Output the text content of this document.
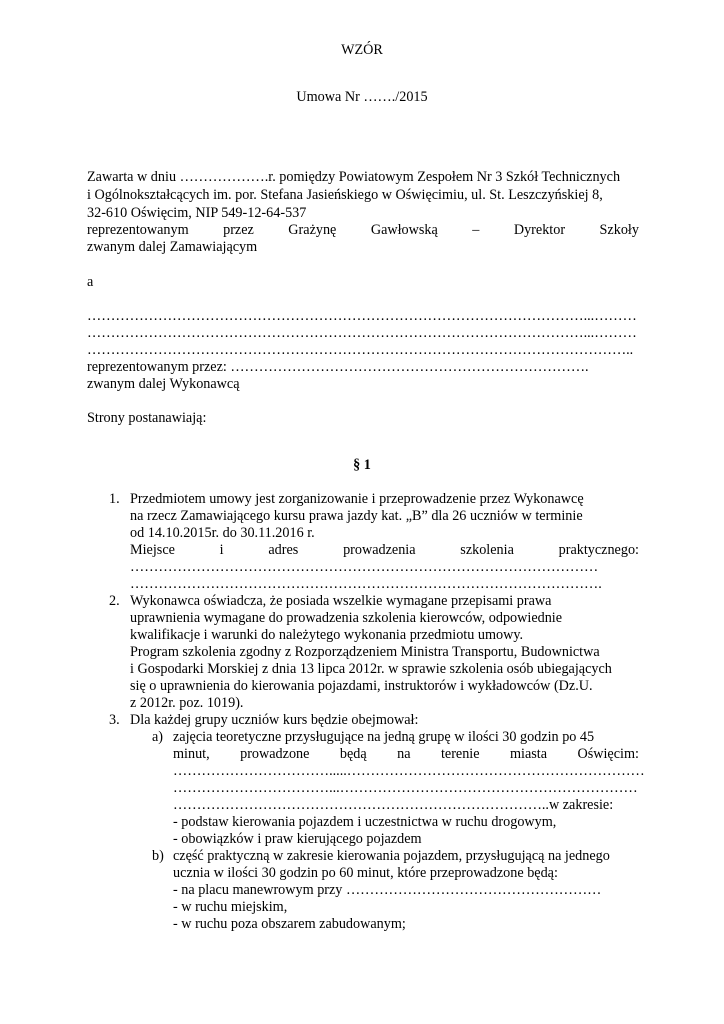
WZÓR
Umowa Nr ……./2015
Zawarta w dniu ……………….r. pomiędzy Powiatowym Zespołem Nr 3 Szkół Technicznych
i Ogólnokształcących im. por. Stefana Jasieńskiego w Oświęcimiu, ul. St. Leszczyńskiej 8,
32-610 Oświęcim, NIP 549-12-64-537
reprezentowanym przez Grażynę Gawłowską – Dyrektor Szkoły
zwanym dalej Zamawiającym
a
……………………………………………………………………………………………...………
……………………………………………………………………………………………...………
……………………………………………………………………………………………………..
reprezentowanym przez: ………………………………………………………………….
zwanym dalej Wykonawcą
Strony postanawiają:
§ 1
1. Przedmiotem umowy jest zorganizowanie i przeprowadzenie przez Wykonawcę
na rzecz Zamawiającego kursu prawa jazdy kat. „B” dla 26 uczniów w terminie
od 14.10.2015r. do 30.11.2016 r.
Miejsce	i	adres	prowadzenia	szkolenia	praktycznego:
………………………………………………………………………………………
……………………………………………………………………………………….
2. Wykonawca oświadcza, że posiada wszelkie wymagane przepisami prawa
uprawnienia wymagane do prowadzenia szkolenia kierowców, odpowiednie
kwalifikacje i warunki do należytego wykonania przedmiotu umowy.
Program szkolenia zgodny z Rozporządzeniem Ministra Transportu, Budownictwa
i Gospodarki Morskiej z dnia 13 lipca 2012r. w sprawie szkolenia osób ubiegających
się o uprawnienia do kierowania pojazdami, instruktorów i wykładowców (Dz.U.
z 2012r. poz. 1019).
3. Dla każdej grupy uczniów kurs będzie obejmował:
a) zajęcia teoretyczne przysługujące na jedną grupę w ilości 30 godzin po 45
minut, prowadzone będą na terenie miasta Oświęcim:
…………………………….....………………………………………………………
……………………………...………………………………………………………
……………………………………………………………………..w zakresie:
- podstaw kierowania pojazdem i uczestnictwa w ruchu drogowym,
- obowiązków i praw kierującego pojazdem
b) część praktyczną w zakresie kierowania pojazdem, przysługującą na jednego
ucznia w ilości 30 godzin po 60 minut, które przeprowadzone będą:
- na placu manewrowym przy ………………………………………………
- w ruchu miejskim,
- w ruchu poza obszarem zabudowanym;
